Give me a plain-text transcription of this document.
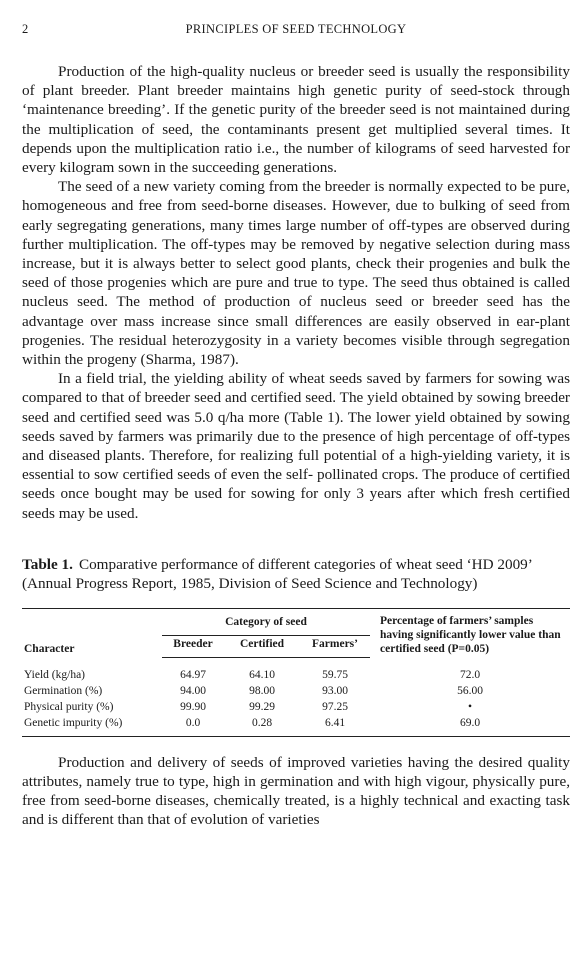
2	PRINCIPLES OF SEED TECHNOLOGY

Production of the high-quality nucleus or breeder seed is usually the responsibility of plant breeder. Plant breeder maintains high genetic purity of seed-stock through ‘maintenance breeding’. If the genetic purity of the breeder seed is not maintained during the multiplication of seed, the contaminants present get multiplied several times. It depends upon the multiplication ratio i.e., the number of kilograms of seed harvested for every kilogram sown in the succeeding generations.

The seed of a new variety coming from the breeder is normally expected to be pure, homogeneous and free from seed-borne diseases. However, due to bulking of seed from early segregating generations, many times large number of off-types are observed during further multiplication. The off-types may be removed by negative selection during mass increase, but it is always better to select good plants, check their progenies and bulk the seed of those progenies which are pure and true to type. The seed thus obtained is called nucleus seed. The method of production of nucleus seed or breeder seed has the advantage over mass increase since small differences are easily observed in ear-plant progenies. The residual heterozygosity in a variety becomes visible through segregation within the progeny (Sharma, 1987).

In a field trial, the yielding ability of wheat seeds saved by farmers for sowing was compared to that of breeder seed and certified seed. The yield obtained by sowing breeder seed and certified seed was 5.0 q/ha more (Table 1). The lower yield obtained by sowing seeds saved by farmers was primarily due to the presence of high percentage of off-types and diseased plants. Therefore, for realizing full potential of a high-yielding variety, it is essential to sow certified seeds of even the self- pollinated crops. The produce of certified seeds once bought may be used for sowing for only 3 years after which fresh certified seeds may be used.

Table 1. Comparative performance of different categories of wheat seed ‘HD 2009’ (Annual Progress Report, 1985, Division of Seed Science and Technology)
Character	Category of seed			Percentage of farmers’ samples having significantly lower value than certified seed (P=0.05)
	Breeder	Certified	Farmers’	
Yield (kg/ha)	64.97	64.10	59.75	72.0
Germination (%)	94.00	98.00	93.00	56.00
Physical purity (%)	99.90	99.29	97.25	•
Genetic impurity (%)	0.0	0.28	6.41	69.0

Production and delivery of seeds of improved varieties having the desired quality attributes, namely true to type, high in germination and with high vigour, physically pure, free from seed-borne diseases, chemically treated, is a highly technical and exacting task and is different than that of evolution of varieties
